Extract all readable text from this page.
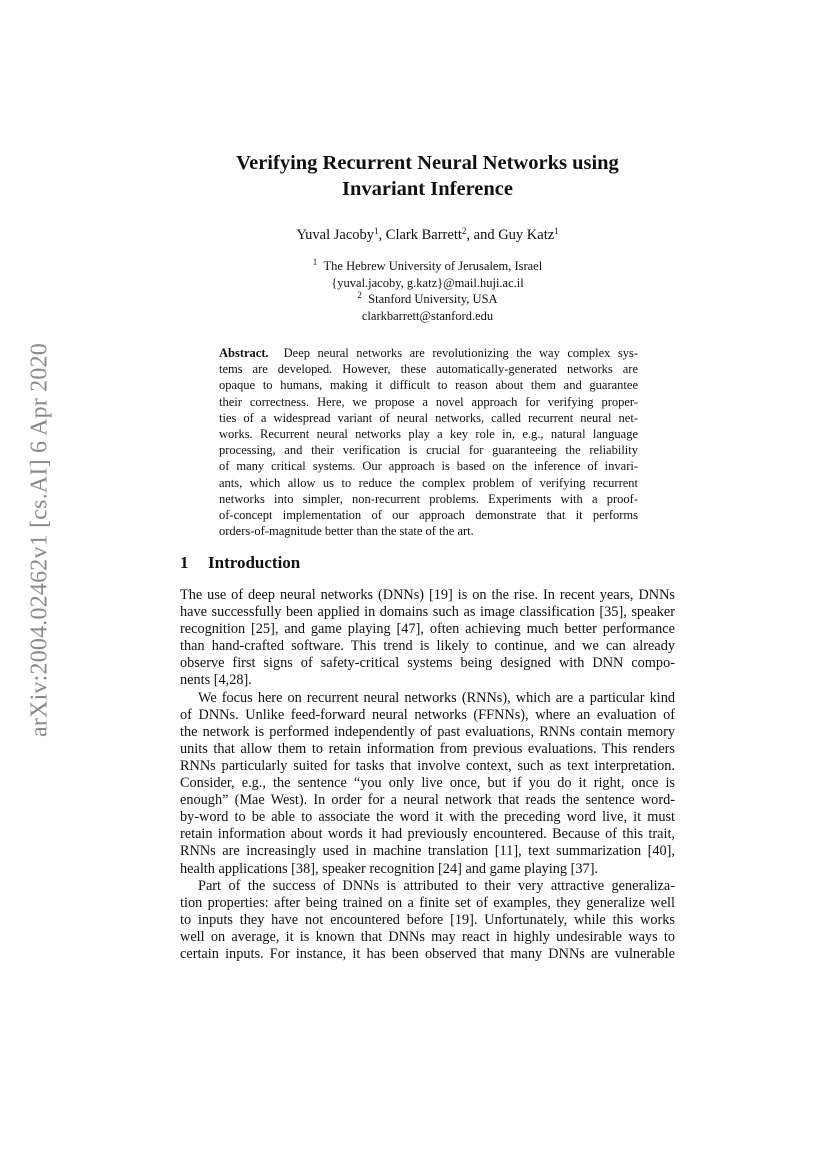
arXiv:2004.02462v1 [cs.AI] 6 Apr 2020
Verifying Recurrent Neural Networks using
Invariant Inference
Yuval Jacoby$^1$, Clark Barrett$^2$, and Guy Katz$^1$
$^1$ The Hebrew University of Jerusalem, Israel
{yuval.jacoby, g.katz}@mail.huji.ac.il
$^2$ Stanford University, USA
clarkbarrett@stanford.edu
Abstract. Deep neural networks are revolutionizing the way complex sys-
tems are developed. However, these automatically-generated networks are
opaque to humans, making it difficult to reason about them and guarantee
their correctness. Here, we propose a novel approach for verifying proper-
ties of a widespread variant of neural networks, called recurrent neural net-
works. Recurrent neural networks play a key role in, e.g., natural language
processing, and their verification is crucial for guaranteeing the reliability
of many critical systems. Our approach is based on the inference of invari-
ants, which allow us to reduce the complex problem of verifying recurrent
networks into simpler, non-recurrent problems. Experiments with a proof-
of-concept implementation of our approach demonstrate that it performs
orders-of-magnitude better than the state of the art.
1 Introduction
The use of deep neural networks (DNNs) [19] is on the rise. In recent years, DNNs
have successfully been applied in domains such as image classification [35], speaker
recognition [25], and game playing [47], often achieving much better performance
than hand-crafted software. This trend is likely to continue, and we can already
observe first signs of safety-critical systems being designed with DNN compo-
nents [4,28].
We focus here on recurrent neural networks (RNNs), which are a particular kind
of DNNs. Unlike feed-forward neural networks (FFNNs), where an evaluation of
the network is performed independently of past evaluations, RNNs contain memory
units that allow them to retain information from previous evaluations. This renders
RNNs particularly suited for tasks that involve context, such as text interpretation.
Consider, e.g., the sentence “you only live once, but if you do it right, once is
enough” (Mae West). In order for a neural network that reads the sentence word-
by-word to be able to associate the word it with the preceding word live, it must
retain information about words it had previously encountered. Because of this trait,
RNNs are increasingly used in machine translation [11], text summarization [40],
health applications [38], speaker recognition [24] and game playing [37].
Part of the success of DNNs is attributed to their very attractive generaliza-
tion properties: after being trained on a finite set of examples, they generalize well
to inputs they have not encountered before [19]. Unfortunately, while this works
well on average, it is known that DNNs may react in highly undesirable ways to
certain inputs. For instance, it has been observed that many DNNs are vulnerable
